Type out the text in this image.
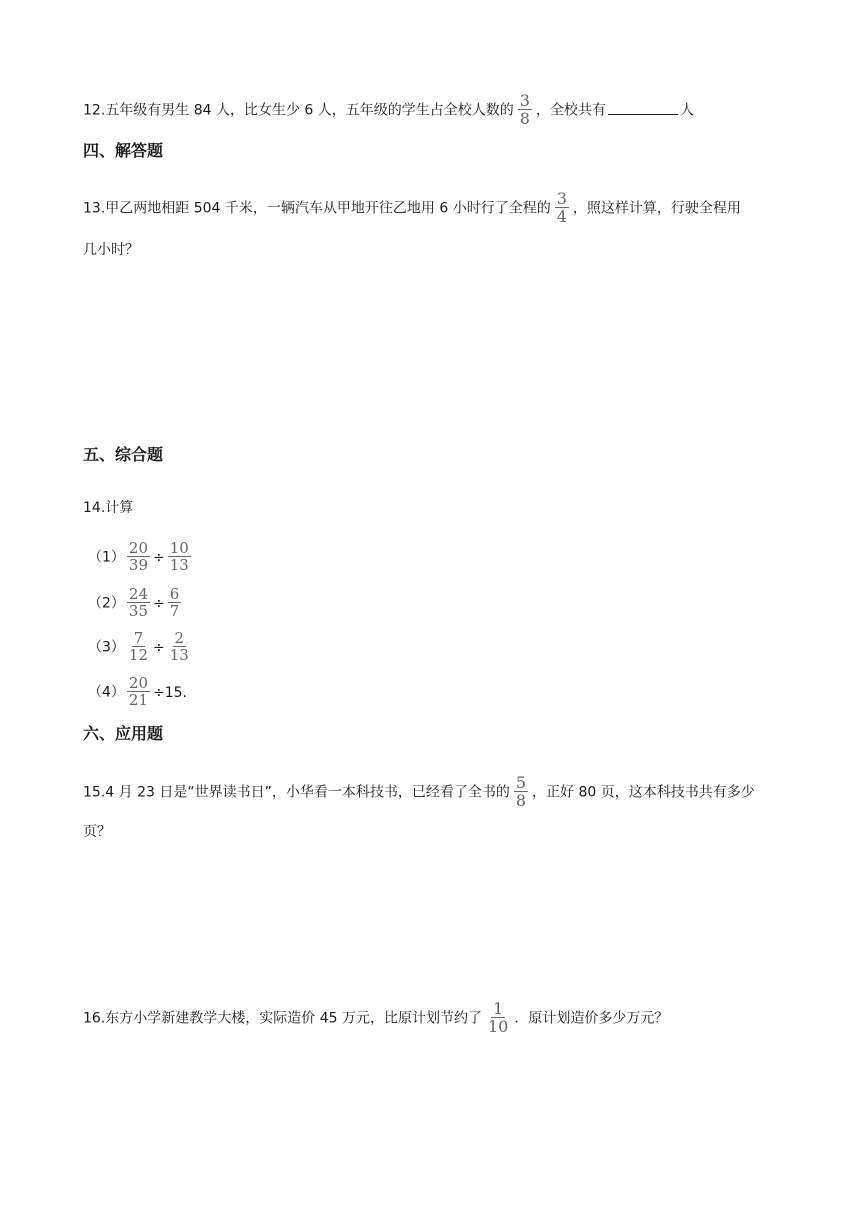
12.五年级有男生 84 人，比女生少 6 人，五年级的学生占全校人数的 $\frac{3}{8}$ ，全校共有	人
四、解答题
13.甲乙两地相距 504 千米，一辆汽车从甲地开往乙地用 6 小时行了全程的 $\frac{3}{4}$ ，照这样计算，行驶全程用
几小时？
五、综合题
14.计算
$(1) \frac{20}{39} \div \frac{10}{13}$
$(2) \frac{24}{35} \div \frac{6}{7}$
$(3) \frac{7}{12} \div \frac{2}{13}$
$(4) \frac{20}{21} \div 15$.
六、应用题
15.4 月 23 日是“世界读书日”，小华看一本科技书，已经看了全书的 $\frac{5}{8}$ ，正好 80 页，这本科技书共有多少
页？
16.东方小学新建教学大楼，实际造价 45 万元，比原计划节约了 $\frac{1}{10}$ ．原计划造价多少万元？
